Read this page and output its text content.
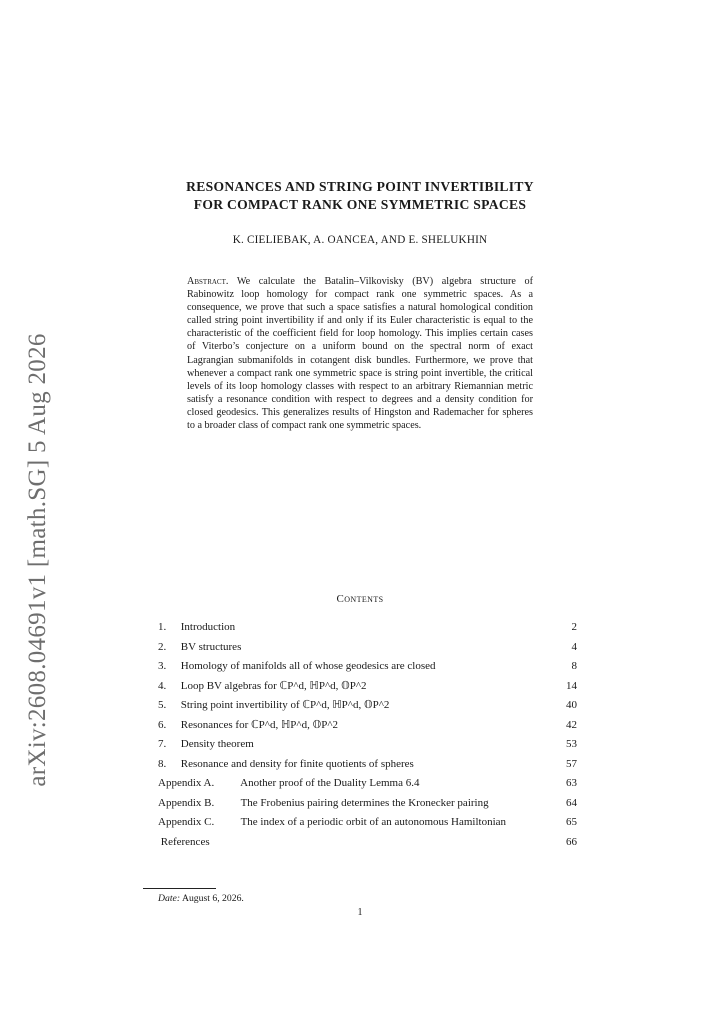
arXiv:2608.04691v1 [math.SG] 5 Aug 2026
RESONANCES AND STRING POINT INVERTIBILITY
FOR COMPACT RANK ONE SYMMETRIC SPACES
K. CIELIEBAK, A. OANCEA, AND E. SHELUKHIN
Abstract. We calculate the Batalin–Vilkovisky (BV) algebra structure of Rabinowitz loop homology for compact rank one symmetric spaces. As a consequence, we prove that such a space satisfies a natural homological condition called string point invertibility if and only if its Euler characteristic is equal to the characteristic of the coefficient field for loop homology. This implies certain cases of Viterbo’s conjecture on a uniform bound on the spectral norm of exact Lagrangian submanifolds in cotangent disk bundles. Furthermore, we prove that whenever a compact rank one symmetric space is string point invertible, the critical levels of its loop homology classes with respect to an arbitrary Riemannian metric satisfy a resonance condition with respect to degrees and a density condition for closed geodesics. This generalizes results of Hingston and Rademacher for spheres to a broader class of compact rank one symmetric spaces.
Contents
1. Introduction	2
2. BV structures	4
3. Homology of manifolds all of whose geodesics are closed	8
4. Loop BV algebras for ℂP^d, ℍP^d, 𝕆P^2	14
5. String point invertibility of ℂP^d, ℍP^d, 𝕆P^2	40
6. Resonances for ℂP^d, ℍP^d, 𝕆P^2	42
7. Density theorem	53
8. Resonance and density for finite quotients of spheres	57
Appendix A. Another proof of the Duality Lemma 6.4	63
Appendix B. The Frobenius pairing determines the Kronecker pairing	64
Appendix C. The index of a periodic orbit of an autonomous Hamiltonian	65
References	66
Date: August 6, 2026.
1
